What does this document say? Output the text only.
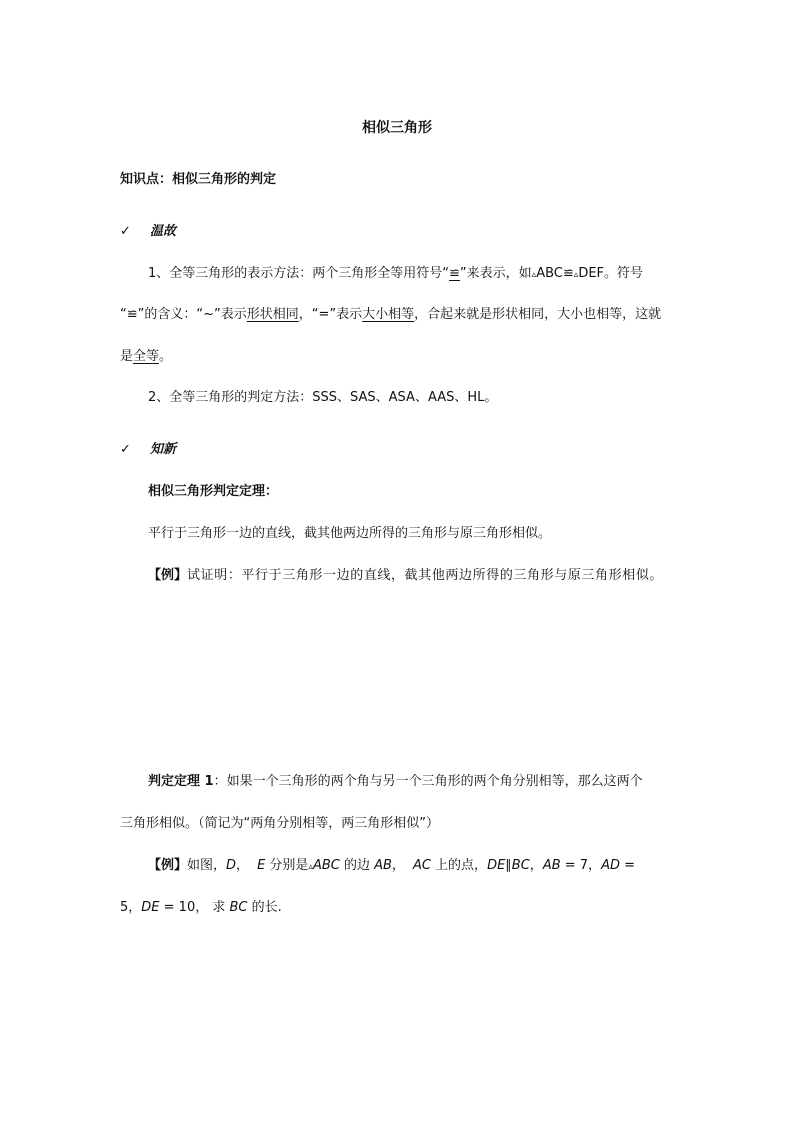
相似三角形
知识点：相似三角形的判定
✓ 温故
1、全等三角形的表示方法：两个三角形全等用符号“≌”来表示，如▵ABC≌▵DEF。符号
“≌”的含义：“~”表示形状相同，“=”表示大小相等，合起来就是形状相同，大小也相等，这就
是全等。
2、全等三角形的判定方法：SSS、SAS、ASA、AAS、HL。
✓ 知新
相似三角形判定定理：
平行于三角形一边的直线，截其他两边所得的三角形与原三角形相似。
【例】试证明：平行于三角形一边的直线，截其他两边所得的三角形与原三角形相似。
判定定理 1：如果一个三角形的两个角与另一个三角形的两个角分别相等，那么这两个
三角形相似。（简记为“两角分别相等，两三角形相似”）
【例】如图，D， E 分别是▵ABC 的边 AB， AC 上的点，DE∥BC，AB = 7，AD =
5，DE = 10， 求 BC 的长.
